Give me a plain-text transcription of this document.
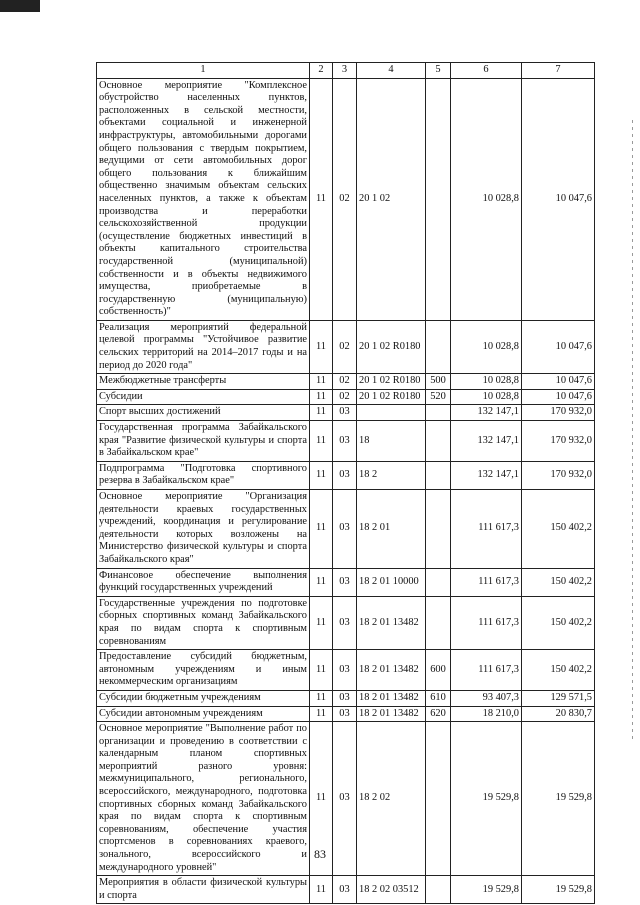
1	2	3	4	5	6	7
Основное мероприятие "Комплексное обустройство населенных пунктов, расположенных в сельской местности, объектами социальной и инженерной инфраструктуры, автомобильными дорогами общего пользования с твердым покрытием, ведущими от сети автомобильных дорог общего пользования к ближайшим общественно значимым объектам сельских населенных пунктов, а также к объектам производства и переработки сельскохозяйственной продукции (осуществление бюджетных инвестиций в объекты капитального строительства государственной (муниципальной) собственности и в объекты недвижимого имущества, приобретаемые в государственную (муниципальную) собственность)"	11	02	20 1 02		10 028,8	10 047,6
Реализация мероприятий федеральной целевой программы "Устойчивое развитие сельских территорий на 2014–2017 годы и на период до 2020 года"	11	02	20 1 02 R0180		10 028,8	10 047,6
Межбюджетные трансферты	11	02	20 1 02 R0180	500	10 028,8	10 047,6
Субсидии	11	02	20 1 02 R0180	520	10 028,8	10 047,6
Спорт высших достижений	11	03			132 147,1	170 932,0
Государственная программа Забайкальского края "Развитие физической культуры и спорта в Забайкальском крае"	11	03	18		132 147,1	170 932,0
Подпрограмма "Подготовка спортивного резерва в Забайкальском крае"	11	03	18 2		132 147,1	170 932,0
Основное мероприятие "Организация деятельности краевых государственных учреждений, координация и регулирование деятельности которых возложены на Министерство физической культуры и спорта Забайкальского края"	11	03	18 2 01		111 617,3	150 402,2
Финансовое обеспечение выполнения функций государственных учреждений	11	03	18 2 01 10000		111 617,3	150 402,2
Государственные учреждения по подготовке сборных спортивных команд Забайкальского края по видам спорта к спортивным соревнованиям	11	03	18 2 01 13482		111 617,3	150 402,2
Предоставление субсидий бюджетным, автономным учреждениям и иным некоммерческим организациям	11	03	18 2 01 13482	600	111 617,3	150 402,2
Субсидии бюджетным учреждениям	11	03	18 2 01 13482	610	93 407,3	129 571,5
Субсидии автономным учреждениям	11	03	18 2 01 13482	620	18 210,0	20 830,7
Основное мероприятие "Выполнение работ по организации и проведению в соответствии с календарным планом спортивных мероприятий разного уровня: межмуниципального, регионального, всероссийского, международного, подготовка спортивных сборных команд Забайкальского края по видам спорта к спортивным соревнованиям, обеспечение участия спортсменов в соревнованиях краевого, зонального, всероссийского и международного уровней"	11	03	18 2 02		19 529,8	19 529,8
Мероприятия в области физической культуры и спорта	11	03	18 2 02 03512		19 529,8	19 529,8
83
